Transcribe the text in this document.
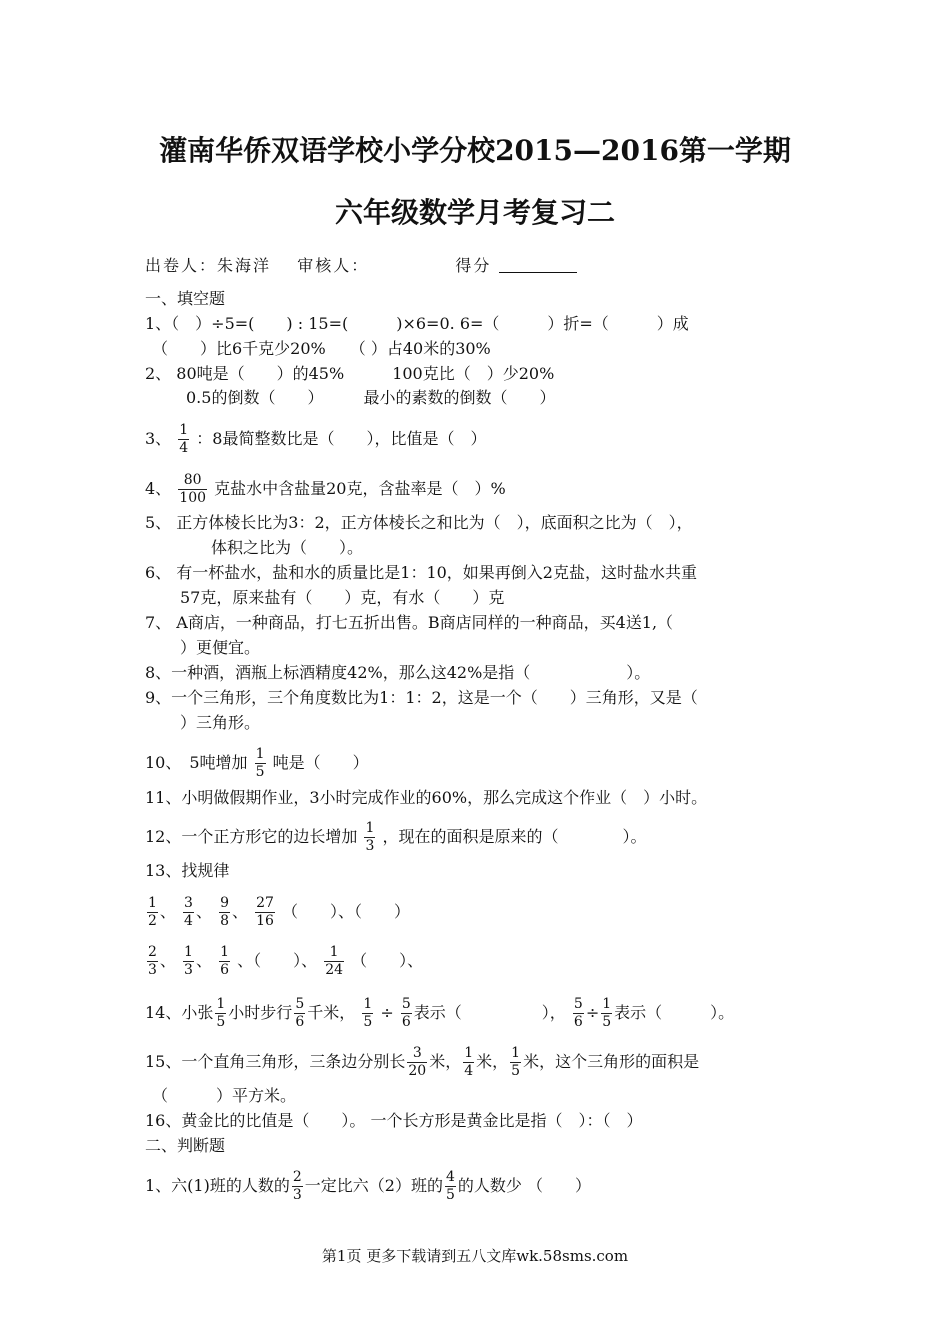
灌南华侨双语学校小学分校2015—2016第一学期
六年级数学月考复习二
出卷人：朱海洋 审核人：	得分
一、填空题
1、（　）÷5=(　　) : 15=(　　　)×6=0. 6=（　　　）折=（　　　）成
（　　）比6千克少20%　　（ ）占40米的30%
2、 80吨是（　　）的45%　　　100克比（　）少20%
0.5的倒数（　　）　　　最小的素数的倒数（　　）
3、 $\frac{1}{4}$ ：8最简整数比是（　　），比值是（　）
4、 $\frac{80}{100}$ 克盐水中含盐量20克，含盐率是（　）%
5、 正方体棱长比为3：2，正方体棱长之和比为（　），底面积之比为（　），
体积之比为（　　）。
6、 有一杯盐水，盐和水的质量比是1：10，如果再倒入2克盐，这时盐水共重
57克，原来盐有（　　）克，有水（　　）克
7、 A商店，一种商品，打七五折出售。B商店同样的一种商品，买4送1,（
）更便宜。
8、一种酒，酒瓶上标酒精度42%，那么这42%是指（　　　　　　）。
9、一个三角形，三个角度数比为1：1：2，这是一个（　　）三角形，又是（
）三角形。
10、　5吨增加 $\frac{1}{5}$ 吨是（　　）
11、小明做假期作业，3小时完成作业的60%，那么完成这个作业（　）小时。
12、一个正方形它的边长增加 $\frac{1}{3}$ ，现在的面积是原来的（　　　　）。
13、找规律
$\frac{1}{2}$ 、 $\frac{3}{4}$ 、 $\frac{9}{8}$ 、 $\frac{27}{16}$ （　　）、（　　）
$\frac{2}{3}$ 、 $\frac{1}{3}$ 、 $\frac{1}{6}$ 、（　　）、 $\frac{1}{24}$ （　　）、
14、小张 $\frac{1}{5}$ 小时步行 $\frac{5}{6}$ 千米， $\frac{1}{5} \div \frac{5}{6}$ 表示（　　　　　）， $\frac{5}{6} \div \frac{1}{5}$ 表示（　　　）。
15、一个直角三角形，三条边分别长 $\frac{3}{20}$ 米， $\frac{1}{4}$ 米， $\frac{1}{5}$ 米，这个三角形的面积是
（　　　）平方米。
16、黄金比的比值是（　　）。 一个长方形是黄金比是指（　）：（　）
二、判断题
1、六(1)班的人数的 $\frac{2}{3}$ 一定比六（2）班的 $\frac{4}{5}$ 的人数少 （　　）
第1页 更多下载请到五八文库wk.58sms.com
